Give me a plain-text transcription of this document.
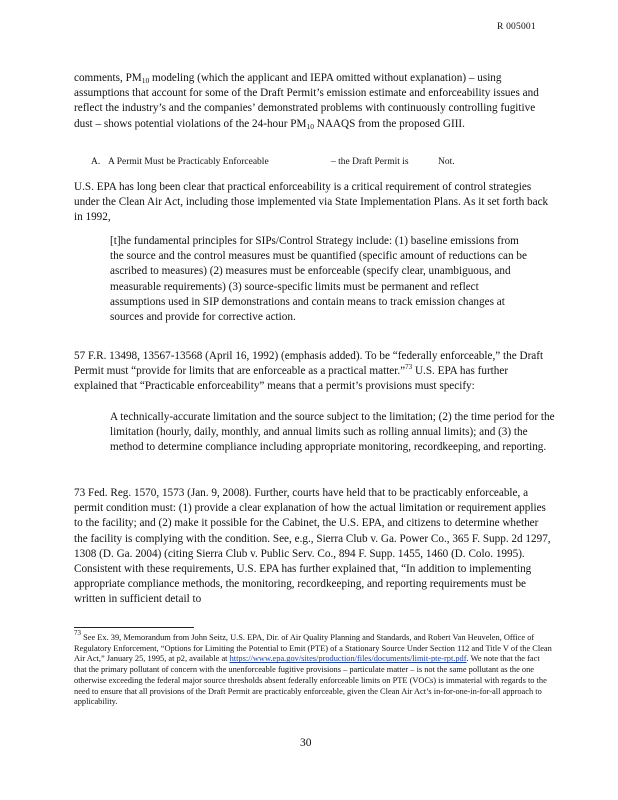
R 005001
comments, $PM_{10}$ modeling (which the applicant and IEPA omitted without explanation) – using assumptions that account for some of the Draft Permit’s emission estimate and enforceability issues and reflect the industry’s and the companies’ demonstrated problems with continuously controlling fugitive dust – shows potential violations of the 24-hour $PM_{10}$ NAAQS from the proposed GIII.
A. A Permit Must be Practicably Enforceable	– the Draft Permit is	Not.
U.S. EPA has long been clear that practical enforceability is a critical requirement of control strategies under the Clean Air Act, including those implemented via State Implementation Plans. As it set forth back in 1992,
[t]he fundamental principles for SIPs/Control Strategy include: (1) baseline emissions from the source and the control measures must be quantified (specific amount of reductions can be ascribed to measures) (2) measures must be enforceable (specify clear, unambiguous, and measurable requirements) (3) source-specific limits must be permanent and reflect assumptions used in SIP demonstrations and contain means to track emission changes at sources and provide for corrective action.
57 F.R. 13498, 13567-13568 (April 16, 1992) (emphasis added). To be “federally enforceable,” the Draft Permit must “provide for limits that are enforceable as a practical matter.”$^{73}$ U.S. EPA has further explained that “Practicable enforceability” means that a permit’s provisions must specify:
A technically-accurate limitation and the source subject to the limitation; (2) the time period for the limitation (hourly, daily, monthly, and annual limits such as rolling annual limits); and (3) the method to determine compliance including appropriate monitoring, recordkeeping, and reporting.
73 Fed. Reg. 1570, 1573 (Jan. 9, 2008). Further, courts have held that to be practicably enforceable, a permit condition must: (1) provide a clear explanation of how the actual limitation or requirement applies to the facility; and (2) make it possible for the Cabinet, the U.S. EPA, and citizens to determine whether the facility is complying with the condition. See, e.g., Sierra Club v. Ga. Power Co., 365 F. Supp. 2d 1297, 1308 (D. Ga. 2004) (citing Sierra Club v. Public Serv. Co., 894 F. Supp. 1455, 1460 (D. Colo. 1995). Consistent with these requirements, U.S. EPA has further explained that, “In addition to implementing appropriate compliance methods, the monitoring, recordkeeping, and reporting requirements must be written in sufficient detail to
$^{73}$ See Ex. 39, Memorandum from John Seitz, U.S. EPA, Dir. of Air Quality Planning and Standards, and Robert Van Heuvelen, Office of Regulatory Enforcement, “Options for Limiting the Potential to Emit (PTE) of a Stationary Source Under Section 112 and Title V of the Clean Air Act,” January 25, 1995, at p2, available at https://www.epa.gov/sites/production/files/documents/limit-pte-rpt.pdf. We note that the fact that the primary pollutant of concern with the unenforceable fugitive provisions – particulate matter – is not the same pollutant as the one otherwise exceeding the federal major source thresholds absent federally enforceable limits on PTE (VOCs) is immaterial with regards to the need to ensure that all provisions of the Draft Permit are practicably enforceable, given the Clean Air Act’s in-for-one-in-for-all approach to applicability.
30
